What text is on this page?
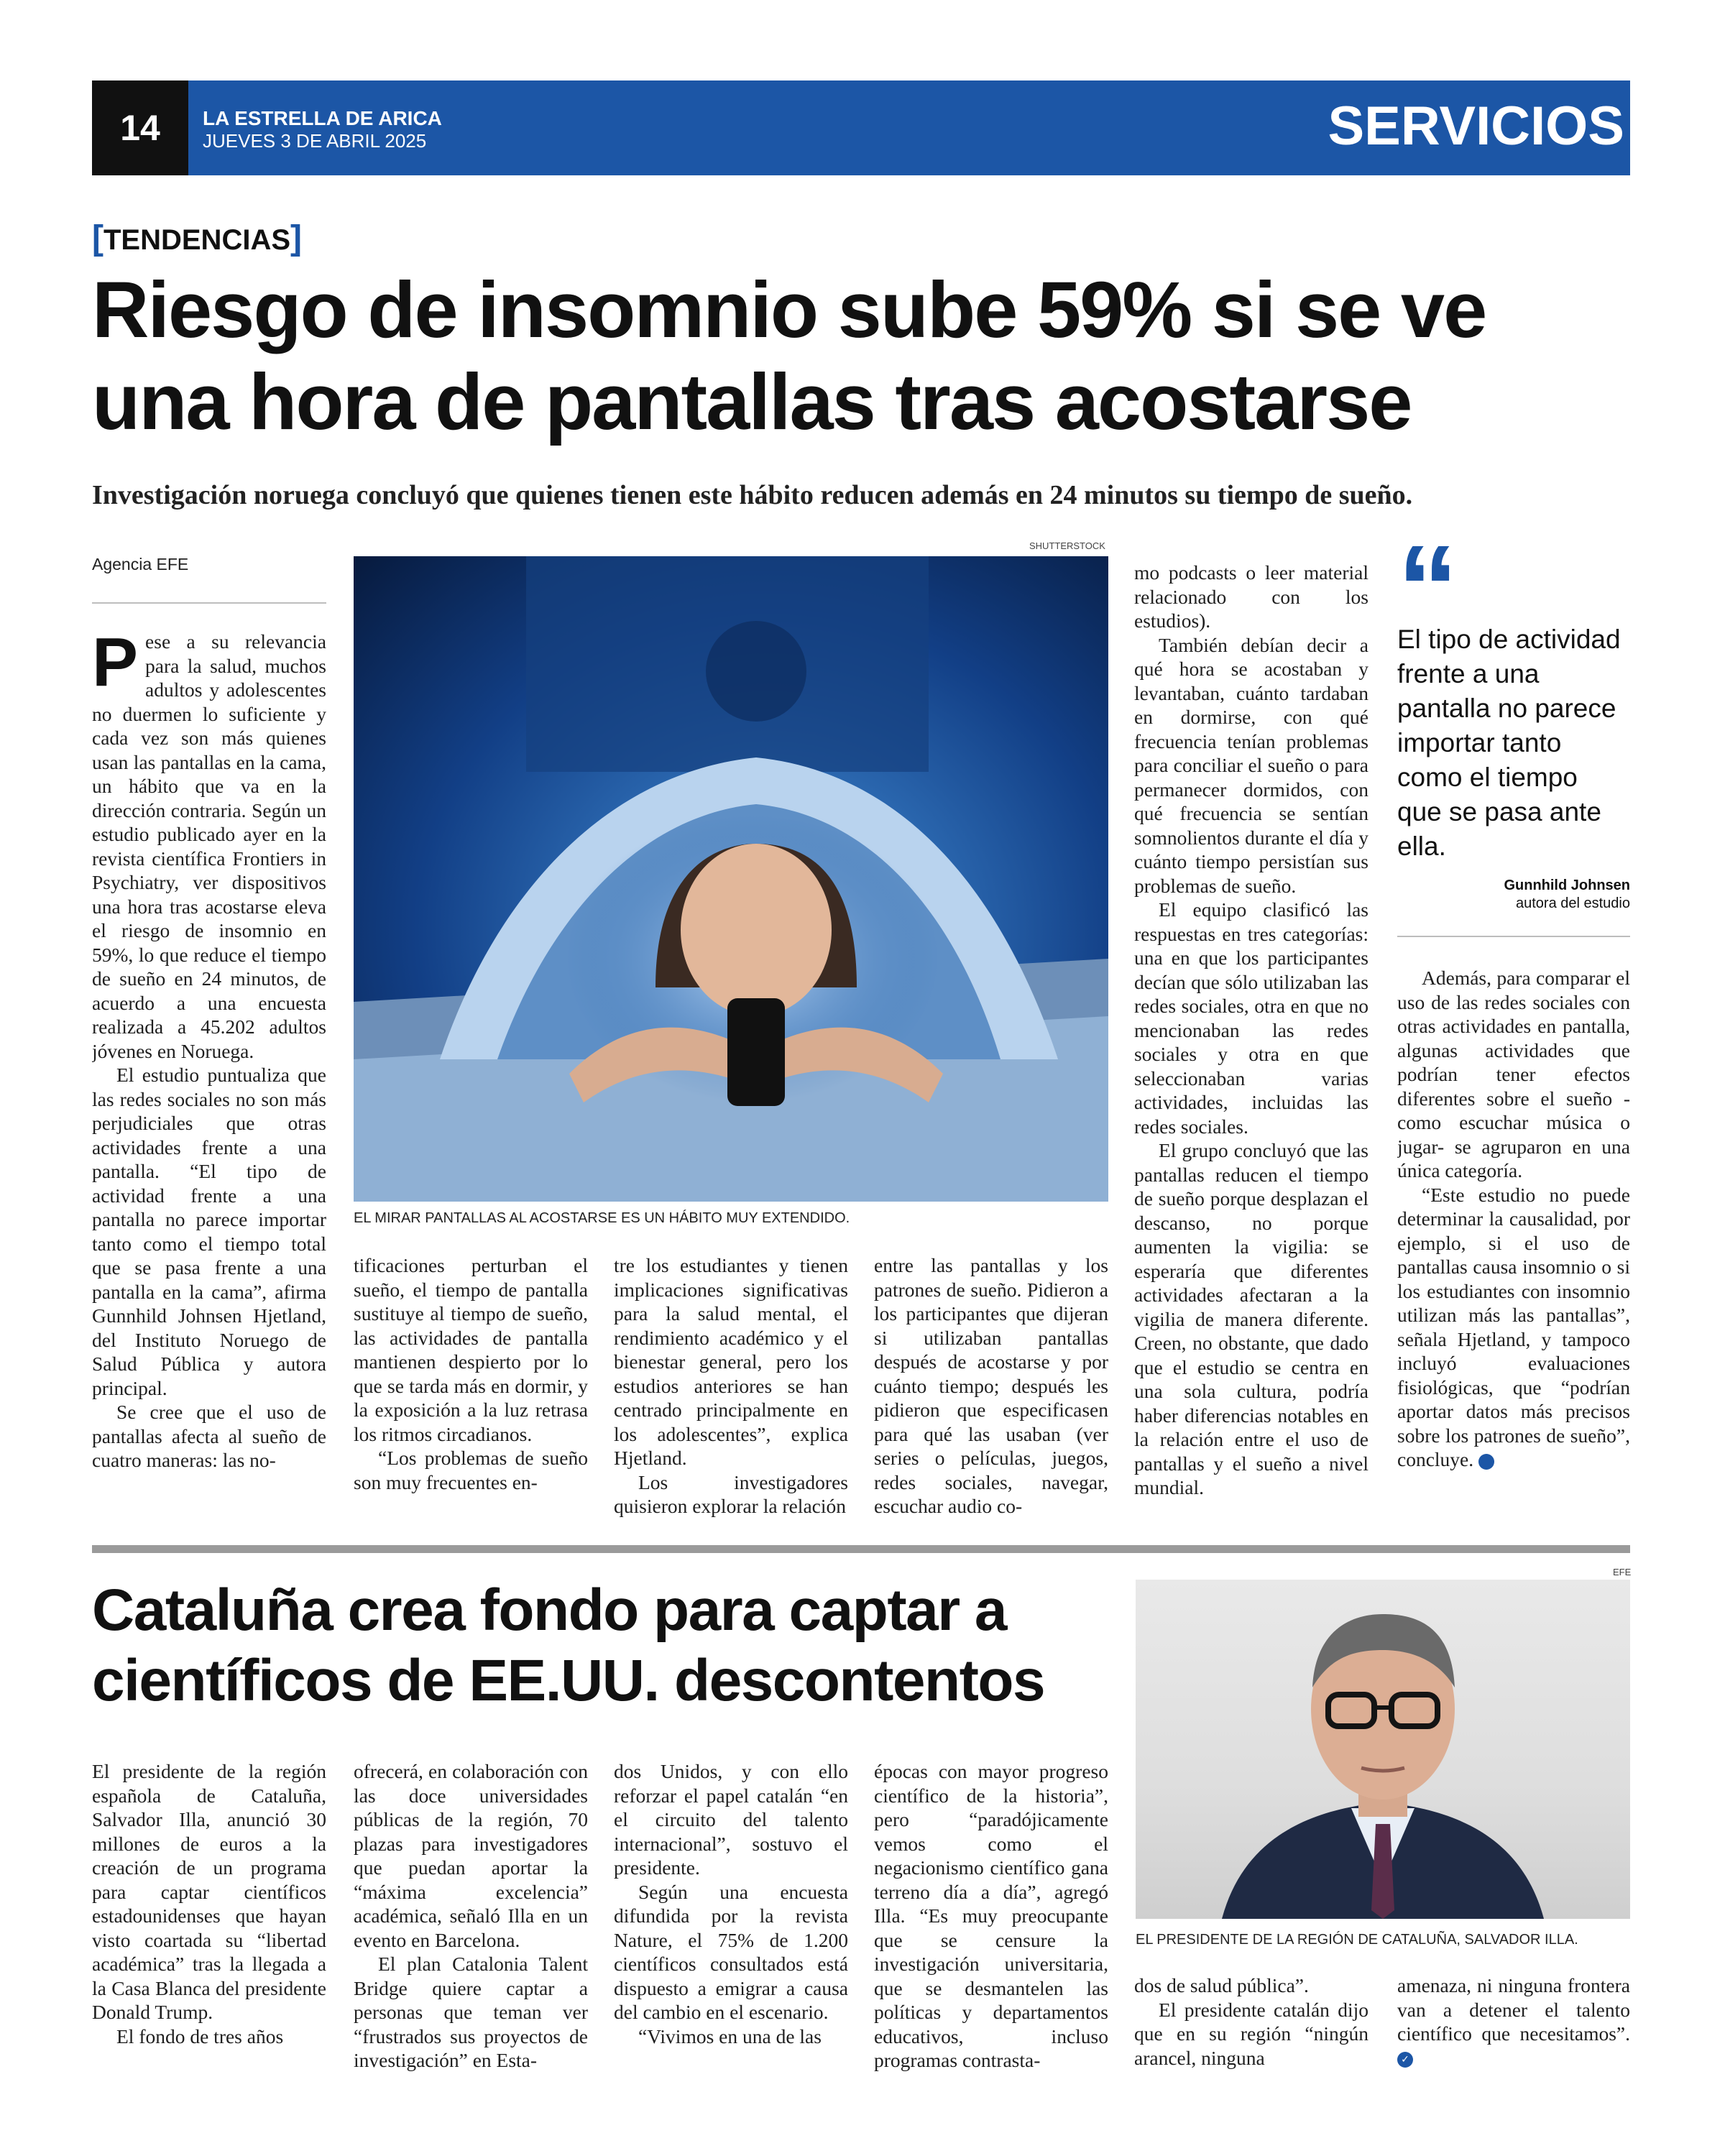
14	LA ESTRELLA DE ARICA
JUEVES 3 DE ABRIL 2025	SERVICIOS
[TENDENCIAS]
Riesgo de insomnio sube 59% si se ve
una hora de pantallas tras acostarse
Investigación noruega concluyó que quienes tienen este hábito reducen además en 24 minutos su tiempo de sueño.
Agencia EFE

Pese a su relevancia para la salud, muchos adultos y adolescentes no duermen lo suficiente y cada vez son más quienes usan las pantallas en la cama, un hábito que va en la dirección contraria. Según un estudio publicado ayer en la revista científica Frontiers in Psychiatry, ver dispositivos una hora tras acostarse eleva el riesgo de insomnio en 59%, lo que reduce el tiempo de sueño en 24 minutos, de acuerdo a una encuesta realizada a 45.202 adultos jóvenes en Noruega.

El estudio puntualiza que las redes sociales no son más perjudiciales que otras actividades frente a una pantalla. “El tipo de actividad frente a una pantalla no parece importar tanto como el tiempo total que se pasa frente a una pantalla en la cama”, afirma Gunnhild Johnsen Hjetland, del Instituto Noruego de Salud Pública y autora principal.

Se cree que el uso de pantallas afecta al sueño de cuatro maneras: las no-

SHUTTERSTOCK
EL MIRAR PANTALLAS AL ACOSTARSE ES UN HÁBITO MUY EXTENDIDO.

tificaciones perturban el sueño, el tiempo de pantalla sustituye al tiempo de sueño, las actividades de pantalla mantienen despierto por lo que se tarda más en dormir, y la exposición a la luz retrasa los ritmos circadianos.

“Los problemas de sueño son muy frecuentes en-

tre los estudiantes y tienen implicaciones significativas para la salud mental, el rendimiento académico y el bienestar general, pero los estudios anteriores se han centrado principalmente en los adolescentes”, explica Hjetland.

Los investigadores quisieron explorar la relación

entre las pantallas y los patrones de sueño. Pidieron a los participantes que dijeran si utilizaban pantallas después de acostarse y por cuánto tiempo; después les pidieron que especificasen para qué las usaban (ver series o películas, juegos, redes sociales, navegar, escuchar audio co-

mo podcasts o leer material relacionado con los estudios).

También debían decir a qué hora se acostaban y levantaban, cuánto tardaban en dormirse, con qué frecuencia tenían problemas para conciliar el sueño o para permanecer dormidos, con qué frecuencia se sentían somnolientos durante el día y cuánto tiempo persistían sus problemas de sueño.

El equipo clasificó las respuestas en tres categorías: una en que los participantes decían que sólo utilizaban las redes sociales, otra en que no mencionaban las redes sociales y otra en que seleccionaban varias actividades, incluidas las redes sociales.

El grupo concluyó que las pantallas reducen el tiempo de sueño porque desplazan el descanso, no porque aumenten la vigilia: se esperaría que diferentes actividades afectaran a la vigilia de manera diferente. Creen, no obstante, que dado que el estudio se centra en una sola cultura, podría haber diferencias notables en la relación entre el uso de pantallas y el sueño a nivel mundial.

“
El tipo de actividad frente a una pantalla no parece importar tanto como el tiempo que se pasa ante ella.
Gunnhild Johnsen
autora del estudio

Además, para comparar el uso de las redes sociales con otras actividades en pantalla, algunas actividades que podrían tener efectos diferentes sobre el sueño -como escuchar música o jugar- se agruparon en una única categoría.

“Este estudio no puede determinar la causalidad, por ejemplo, si el uso de pantallas causa insomnio o si los estudiantes con insomnio utilizan más las pantallas”, señala Hjetland, y tampoco incluyó evaluaciones fisiológicas, que “podrían aportar datos más precisos sobre los patrones de sueño”, concluye.	✓

Cataluña crea fondo para captar a
científicos de EE.UU. descontentos
EFE
EL PRESIDENTE DE LA REGIÓN DE CATALUÑA, SALVADOR ILLA.

El presidente de la región española de Cataluña, Salvador Illa, anunció 30 millones de euros a la creación de un programa para captar científicos estadounidenses que hayan visto coartada su “libertad académica” tras la llegada a la Casa Blanca del presidente Donald Trump.

El fondo de tres años

ofrecerá, en colaboración con las doce universidades públicas de la región, 70 plazas para investigadores que puedan aportar la “máxima excelencia” académica, señaló Illa en un evento en Barcelona.

El plan Catalonia Talent Bridge quiere captar a personas que teman ver “frustrados sus proyectos de investigación” en Esta-

dos Unidos, y con ello reforzar el papel catalán “en el circuito del talento internacional”, sostuvo el presidente.

Según una encuesta difundida por la revista Nature, el 75% de 1.200 científicos consultados está dispuesto a emigrar a causa del cambio en el escenario.

“Vivimos en una de las

épocas con mayor progreso científico de la historia”, pero “paradójicamente vemos como el negacionismo científico gana terreno día a día”, agregó Illa. “Es muy preocupante que se censure la investigación universitaria, que se desmantelen las políticas y departamentos educativos, incluso programas contrasta-

dos de salud pública”.

El presidente catalán dijo que en su región “ningún arancel, ninguna

amenaza, ni ninguna frontera van a detener el talento científico que necesitamos”. ✓
